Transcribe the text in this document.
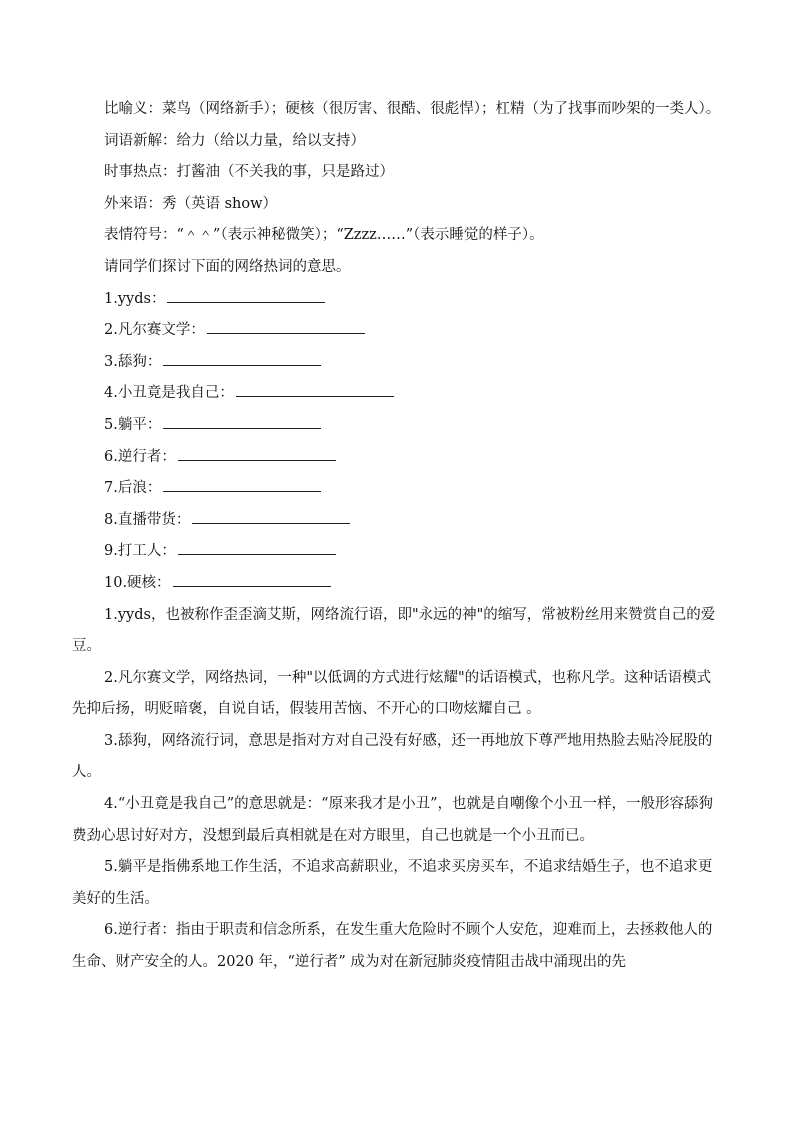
比喻义：菜鸟（网络新手）；硬核（很厉害、很酷、很彪悍）；杠精（为了找事而吵架的一类人）。

词语新解：给力（给以力量，给以支持）

时事热点：打酱油（不关我的事，只是路过）

外来语：秀（英语 show）

表情符号：“＾＾”（表示神秘微笑）；“Zzzz……”（表示睡觉的样子）。

请同学们探讨下面的网络热词的意思。

1.yyds：

2.凡尔赛文学：

3.舔狗：

4.小丑竟是我自己：

5.躺平：

6.逆行者：

7.后浪：

8.直播带货：

9.打工人：

10.硬核：

1.yyds，也被称作歪歪滴艾斯，网络流行语，即"永远的神"的缩写，常被粉丝用来赞赏自己的爱豆。

2.凡尔赛文学，网络热词，一种"以低调的方式进行炫耀"的话语模式，也称凡学。这种话语模式先抑后扬，明贬暗褒，自说自话，假装用苦恼、不开心的口吻炫耀自己 。

3.舔狗，网络流行词，意思是指对方对自己没有好感，还一再地放下尊严地用热脸去贴冷屁股的人。

4.“小丑竟是我自己”的意思就是：“原来我才是小丑”，也就是自嘲像个小丑一样，一般形容舔狗费劲心思讨好对方，没想到最后真相就是在对方眼里，自己也就是一个小丑而已。

5.躺平是指佛系地工作生活，不追求高薪职业，不追求买房买车，不追求结婚生子，也不追求更美好的生活。

6.逆行者：指由于职责和信念所系，在发生重大危险时不顾个人安危，迎难而上，去拯救他人的生命、财产安全的人。2020 年，“逆行者” 成为对在新冠肺炎疫情阻击战中涌现出的先
